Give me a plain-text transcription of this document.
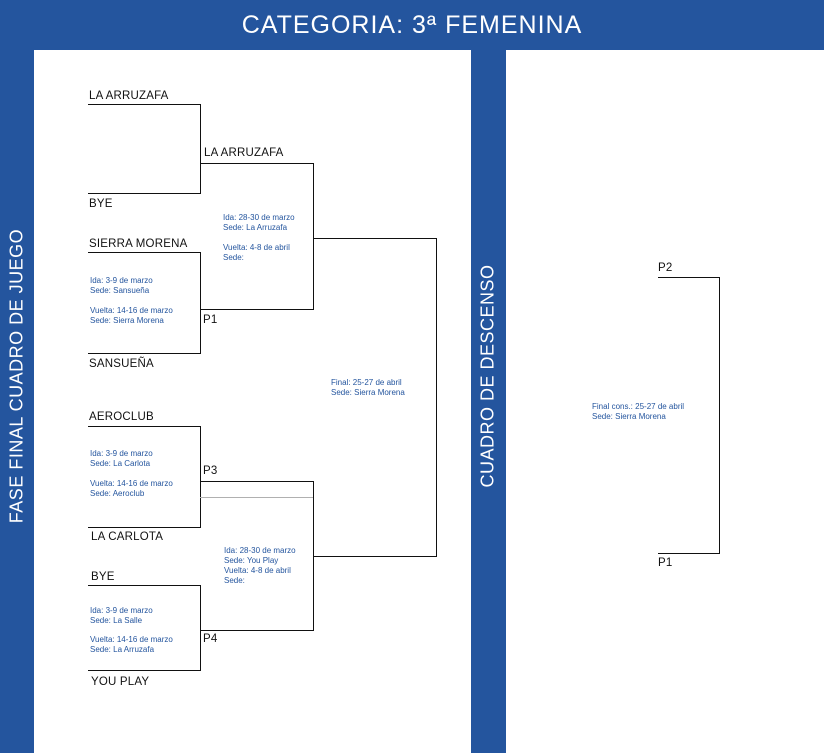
CATEGORIA: 3ª FEMENINA
FASE FINAL CUADRO DE JUEGO	CUADRO DE DESCENSO
LA ARRUZAFA
BYE
SIERRA MORENA
SANSUEÑA
AEROCLUB
LA CARLOTA
BYE
YOU PLAY
Ida: 3-9 de marzo
Sede: Sansueña
Vuelta: 14-16 de marzo
Sede: Sierra Morena
Ida: 3-9 de marzo
Sede: La Carlota
Vuelta: 14-16 de marzo
Sede: Aeroclub
Ida: 3-9 de marzo
Sede: La Salle
Vuelta: 14-16 de marzo
Sede: La Arruzafa
LA ARRUZAFA
P1
P3
P4
Ida: 28-30 de marzo
Sede: La Arruzafa
Vuelta: 4-8 de abril
Sede:
Ida: 28-30 de marzo
Sede: You Play
Vuelta: 4-8 de abril
Sede:
Final: 25-27 de abril
Sede: Sierra Morena
P2
P1
Final cons.: 25-27 de abril
Sede: Sierra Morena
